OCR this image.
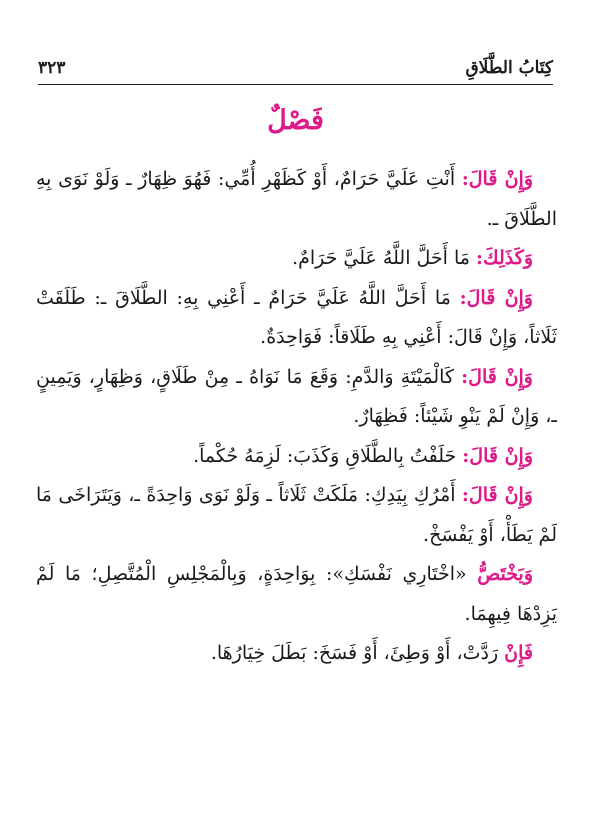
كِتَابُ الطَّلَاقِ
٣٢٣
فَصْلٌ

وَإِنْ قَالَ: أَنْتِ عَلَيَّ حَرَامٌ، أَوْ كَظَهْرِ أُمِّي: فَهُوَ ظِهَارٌ ـ وَلَوْ نَوَى بِهِ الطَّلَاقَ ـ.

وَكَذَلِكَ: مَا أَحَلَّ اللَّهُ عَلَيَّ حَرَامٌ.

وَإِنْ قَالَ: مَا أَحَلَّ اللَّهُ عَلَيَّ حَرَامٌ ـ أَعْنِي بِهِ: الطَّلَاقَ ـ: طَلَقَتْ ثَلَاثاً، وَإِنْ قَالَ: أَعْنِي بِهِ طَلَاقاً: فَوَاحِدَةٌ.

وَإِنْ قَالَ: كَالْمَيْتَةِ وَالدَّمِ: وَقَعَ مَا نَوَاهُ ـ مِنْ طَلَاقٍ، وَظِهَارٍ، وَيَمِينٍ ـ، وَإِنْ لَمْ يَنْوِ شَيْئاً: فَظِهَارٌ.

وَإِنْ قَالَ: حَلَفْتُ بِالطَّلَاقِ وَكَذَبَ: لَزِمَهُ حُكْماً.

وَإِنْ قَالَ: أَمْرُكِ بِيَدِكِ: مَلَكَتْ ثَلَاثاً ـ وَلَوْ نَوَى وَاحِدَةً ـ، وَيَتَرَاخَى مَا لَمْ يَطَأْ، أَوْ يَفْسَخْ.

وَيَخْتَصُّ «اخْتَارِي نَفْسَكِ»: بِوَاحِدَةٍ، وَبِالْمَجْلِسِ الْمُتَّصِلِ؛ مَا لَمْ يَزِدْهَا فِيهِمَا.

فَإِنْ رَدَّتْ، أَوْ وَطِئَ، أَوْ فَسَخَ: بَطَلَ خِيَارُهَا.
